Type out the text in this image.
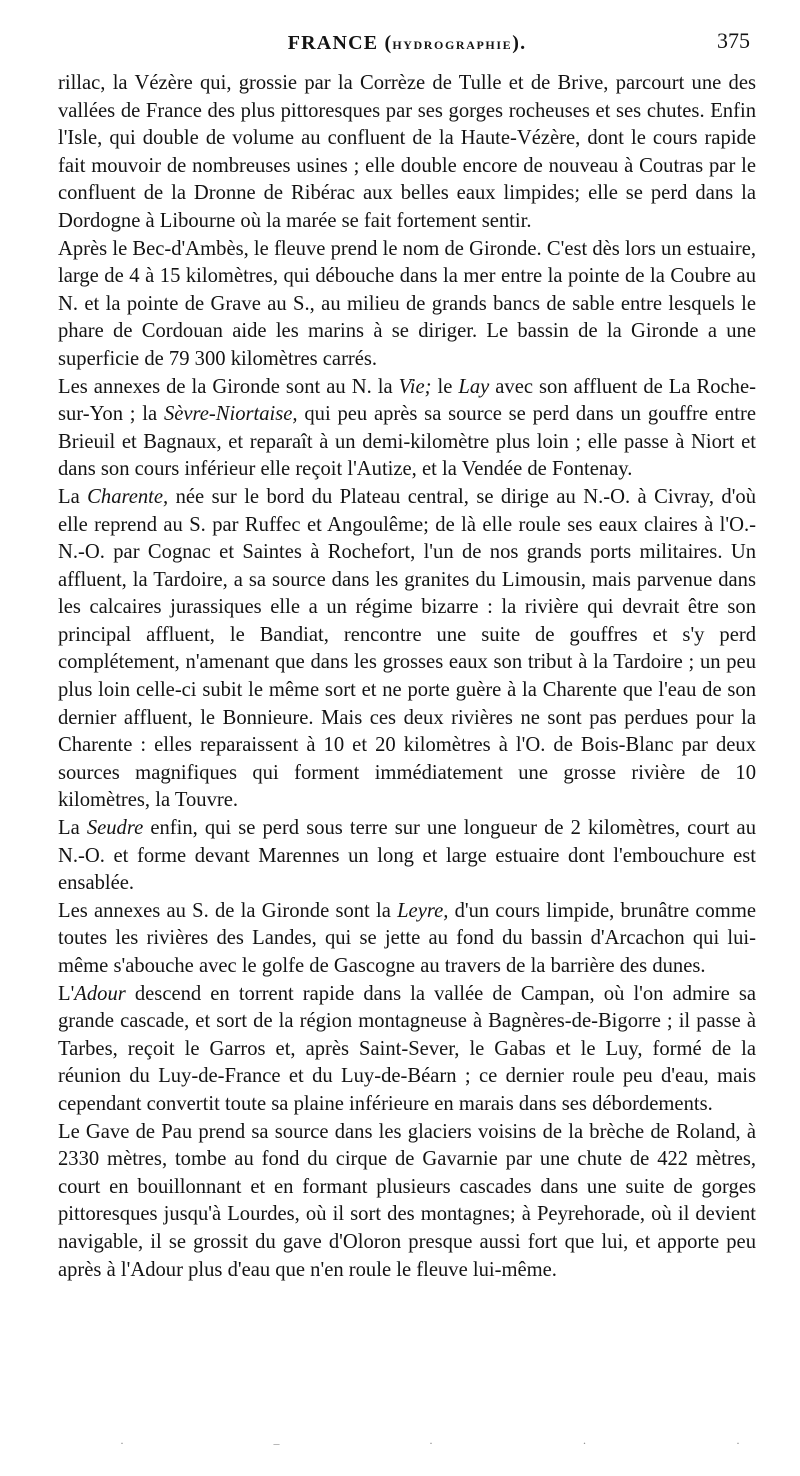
FRANCE (HYDROGRAPHIE).	375

rillac, la Vézère qui, grossie par la Corrèze de Tulle et de Brive, parcourt une des vallées de France des plus pittoresques par ses gorges rocheuses et ses chutes. Enfin l'Isle, qui double de volume au confluent de la Haute-Vézère, dont le cours rapide fait mouvoir de nombreuses usines ; elle double encore de nouveau à Coutras par le confluent de la Dronne de Ribérac aux belles eaux limpides; elle se perd dans la Dordogne à Libourne où la marée se fait fortement sentir.

Après le Bec-d'Ambès, le fleuve prend le nom de Gironde. C'est dès lors un estuaire, large de 4 à 15 kilomètres, qui débouche dans la mer entre la pointe de la Coubre au N. et la pointe de Grave au S., au milieu de grands bancs de sable entre lesquels le phare de Cordouan aide les marins à se diriger. Le bassin de la Gironde a une superficie de 79 300 kilomètres carrés.

Les annexes de la Gironde sont au N. la Vie; le Lay avec son affluent de La Roche-sur-Yon ; la Sèvre-Niortaise, qui peu après sa source se perd dans un gouffre entre Brieuil et Bagnaux, et reparaît à un demi-kilomètre plus loin ; elle passe à Niort et dans son cours inférieur elle reçoit l'Autize, et la Vendée de Fontenay.

La Charente, née sur le bord du Plateau central, se dirige au N.-O. à Civray, d'où elle reprend au S. par Ruffec et Angoulême; de là elle roule ses eaux claires à l'O.-N.-O. par Cognac et Saintes à Rochefort, l'un de nos grands ports militaires. Un affluent, la Tardoire, a sa source dans les granites du Limousin, mais parvenue dans les calcaires jurassiques elle a un régime bizarre : la rivière qui devrait être son principal affluent, le Bandiat, rencontre une suite de gouffres et s'y perd complétement, n'amenant que dans les grosses eaux son tribut à la Tardoire ; un peu plus loin celle-ci subit le même sort et ne porte guère à la Charente que l'eau de son dernier affluent, le Bonnieure. Mais ces deux rivières ne sont pas perdues pour la Charente : elles reparaissent à 10 et 20 kilomètres à l'O. de Bois-Blanc par deux sources magnifiques qui forment immédiatement une grosse rivière de 10 kilomètres, la Touvre.

La Seudre enfin, qui se perd sous terre sur une longueur de 2 kilomètres, court au N.-O. et forme devant Marennes un long et large estuaire dont l'embouchure est ensablée.

Les annexes au S. de la Gironde sont la Leyre, d'un cours limpide, brunâtre comme toutes les rivières des Landes, qui se jette au fond du bassin d'Arcachon qui lui-même s'abouche avec le golfe de Gascogne au travers de la barrière des dunes.

L'Adour descend en torrent rapide dans la vallée de Campan, où l'on admire sa grande cascade, et sort de la région montagneuse à Bagnères-de-Bigorre ; il passe à Tarbes, reçoit le Garros et, après Saint-Sever, le Gabas et le Luy, formé de la réunion du Luy-de-France et du Luy-de-Béarn ; ce dernier roule peu d'eau, mais cependant convertit toute sa plaine inférieure en marais dans ses débordements.

Le Gave de Pau prend sa source dans les glaciers voisins de la brèche de Roland, à 2330 mètres, tombe au fond du cirque de Gavarnie par une chute de 422 mètres, court en bouillonnant et en formant plusieurs cascades dans une suite de gorges pittoresques jusqu'à Lourdes, où il sort des montagnes; à Peyrehorade, où il devient navigable, il se grossit du gave d'Oloron presque aussi fort que lui, et apporte peu après à l'Adour plus d'eau que n'en roule le fleuve lui-même.

·	–	·	·	·
